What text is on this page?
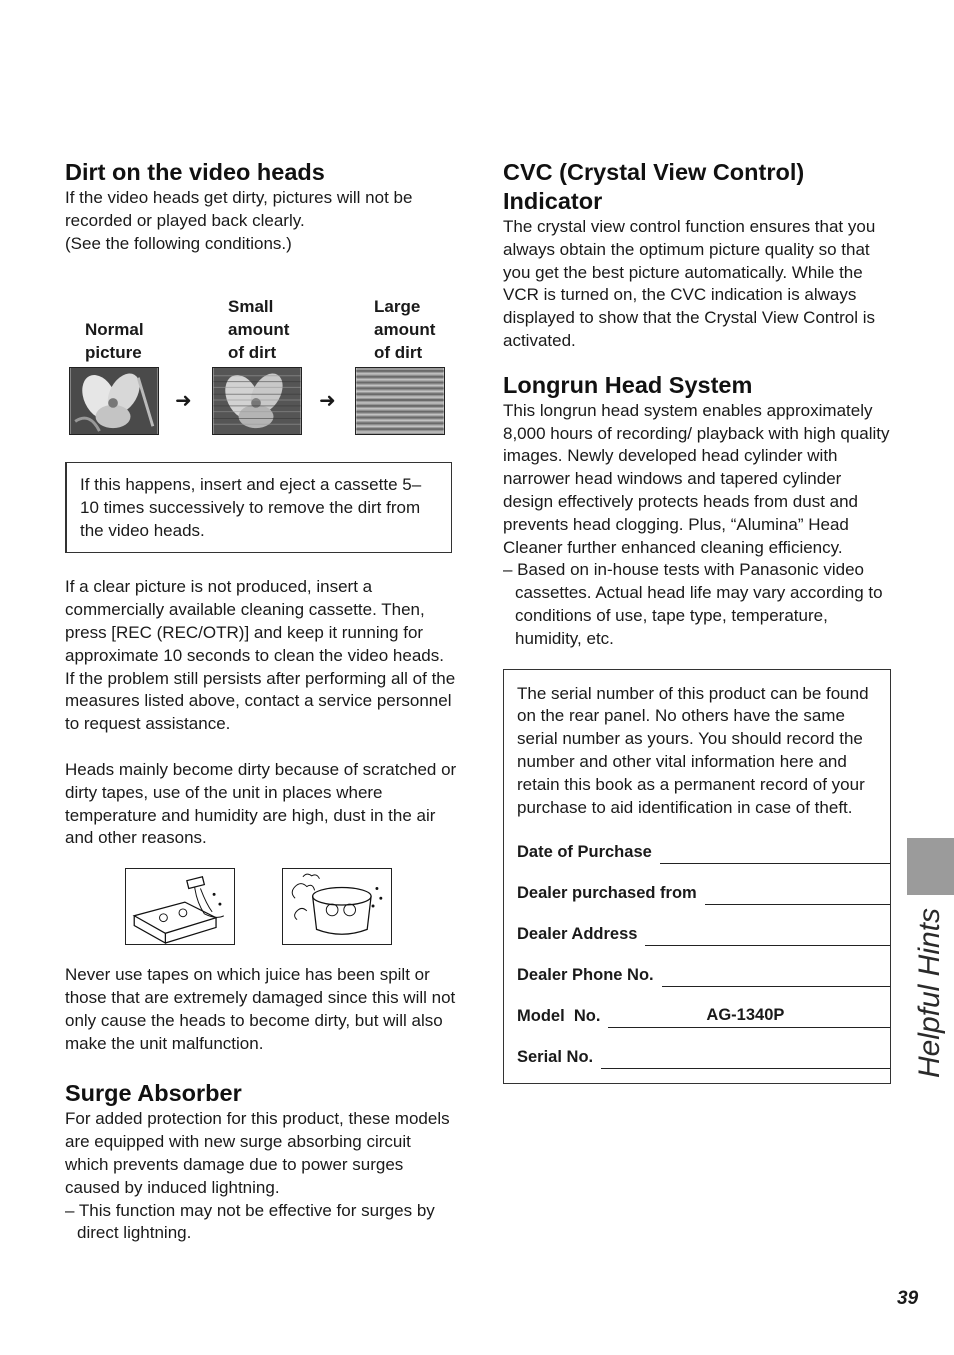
Dirt on the video heads

If the video heads get dirty, pictures will not be recorded or played back clearly.

(See the following conditions.)

Normal
picture
Small
amount
of dirt
Large
amount
of dirt
➜	➜

If this happens, insert and eject a cassette 5–10 times successively to remove the dirt from the video heads.

If a clear picture is not produced, insert a commercially available cleaning cassette. Then, press [REC (REC/OTR)] and keep it running for approximate 10 seconds to clean the video heads.

If the problem still persists after performing all of the measures listed above, contact a service personnel to request assistance.

Heads mainly become dirty because of scratched or dirty tapes, use of the unit in places where temperature and humidity are high, dust in the air and other reasons.

Never use tapes on which juice has been spilt or those that are extremely damaged since this will not only cause the heads to become dirty, but will also make the unit malfunction.

Surge Absorber

For added protection for this product, these models are equipped with new surge absorbing circuit which prevents damage due to power surges caused by induced lightning.

– This function may not be effective for surges by direct lightning.

CVC (Crystal View Control) Indicator

The crystal view control function ensures that you always obtain the optimum picture quality so that you get the best picture automatically. While the VCR is turned on, the CVC indication is always displayed to show that the Crystal View Control is activated.

Longrun Head System

This longrun head system enables approximately 8,000 hours of recording/ playback with high quality images. Newly developed head cylinder with narrower head windows and tapered cylinder design effectively protects heads from dust and prevents head clogging. Plus, “Alumina” Head Cleaner further enhanced cleaning efficiency.

– Based on in-house tests with Panasonic video cassettes. Actual head life may vary according to conditions of use, tape type, temperature, humidity, etc.

The serial number of this product can be found on the rear panel. No others have the same serial number as yours. You should record the number and other vital information here and retain this book as a permanent record of your purchase to aid identification in case of theft.

Date of Purchase
Dealer purchased from
Dealer Address
Dealer Phone No.
Model  No.	AG-1340P
Serial No.	Helpful Hints
39
